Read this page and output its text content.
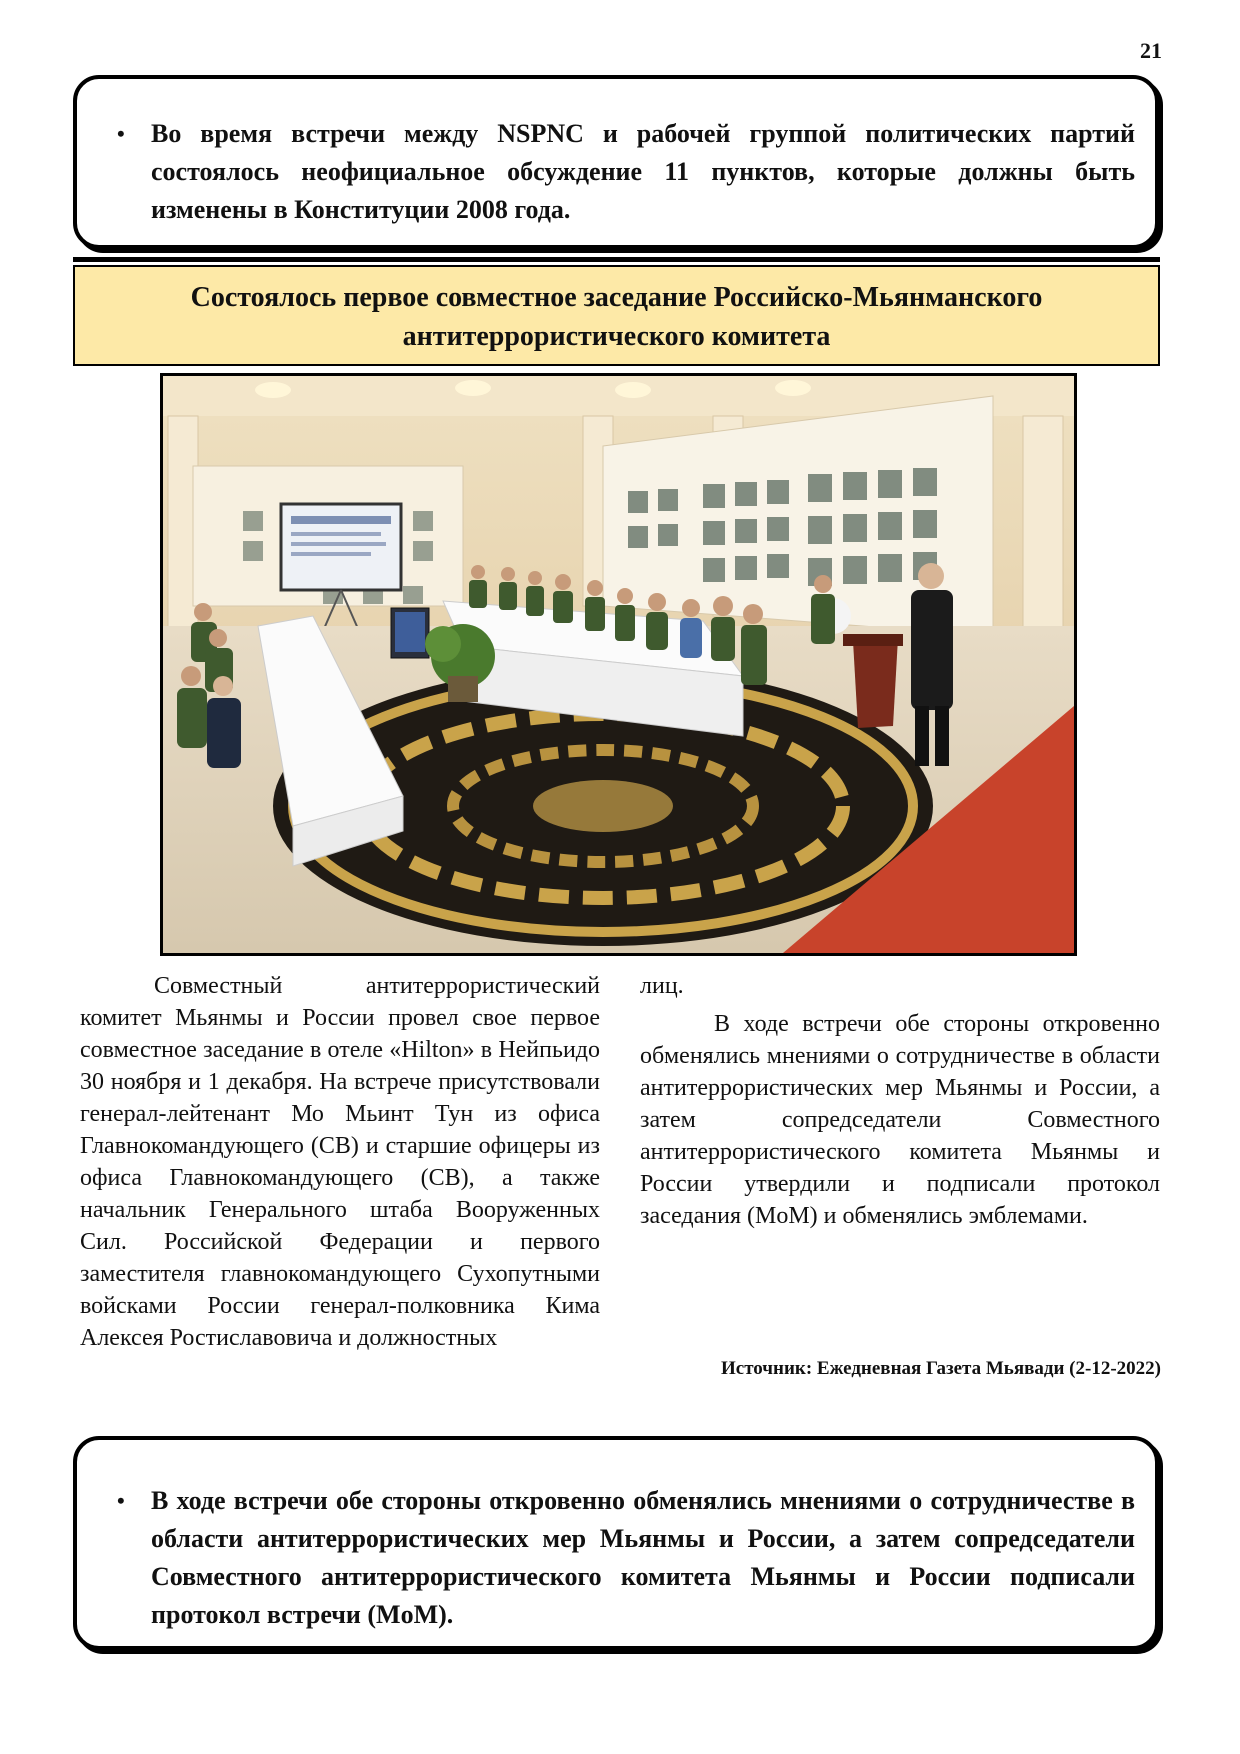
21
• Во время встречи между NSPNC и рабочей группой политических партий состоялось неофициальное обсуждение 11 пунктов, которые должны быть изменены в Конституции 2008 года.
Состоялось первое совместное заседание Российско-Мьянманского
антитеррористического комитета

Совместный антитеррористический комитет Мьянмы и России провел свое первое совместное заседание в отеле «Hilton» в Нейпьидо 30 ноября и 1 декабря. На встрече присутствовали генерал-лейтенант Мо Мьинт Тун из офиса Главнокомандующего (СВ) и старшие офицеры из офиса Главнокомандующего (СВ), а также начальник Генерального штаба Вооруженных Сил. Российской Федерации и первого заместителя главнокомандующего Сухопутными войсками России генерал-полковника Кима Алексея Ростиславовича и должностных

лиц.

В ходе встречи обе стороны откровенно обменялись мнениями о сотрудничестве в области антитеррористических мер Мьянмы и России, а затем сопредседатели Совместного антитеррористического комитета Мьянмы и России утвердили и подписали протокол заседания (MoM) и обменялись эмблемами.

Источник: Ежедневная Газета Мьявади (2-12-2022)
• В ходе встречи обе стороны откровенно обменялись мнениями о сотрудничестве в области антитеррористических мер Мьянмы и России, а затем сопредседатели Совместного антитеррористического комитета Мьянмы и России подписали протокол встречи (MoM).
